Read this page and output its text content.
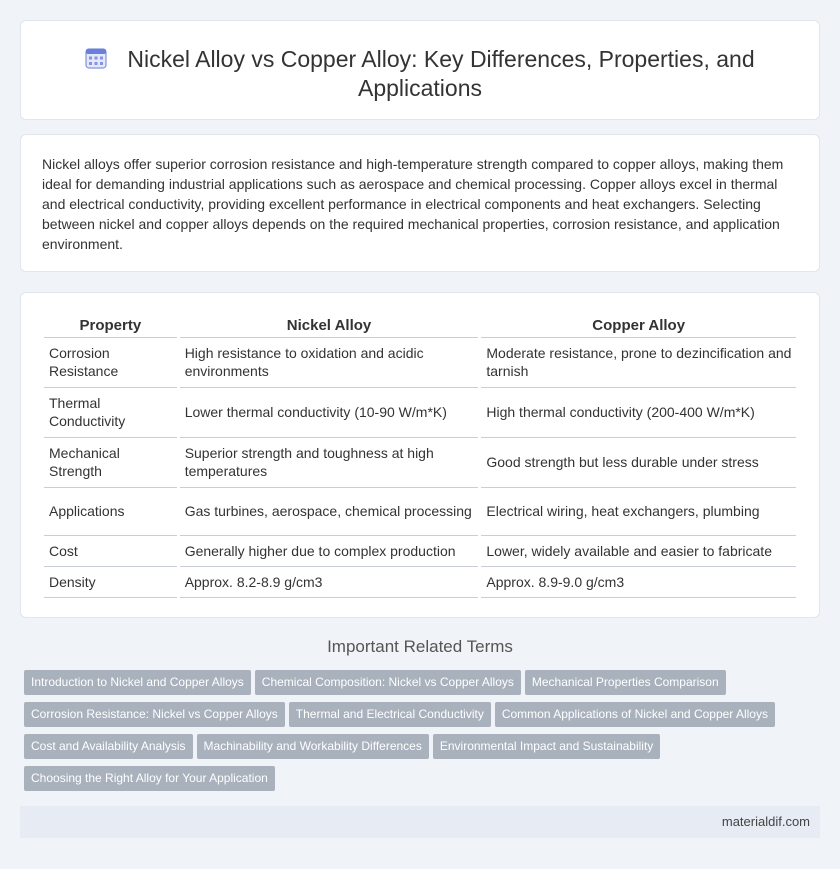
Nickel Alloy vs Copper Alloy: Key Differences, Properties, and Applications

Nickel alloys offer superior corrosion resistance and high-temperature strength compared to copper alloys, making them ideal for demanding industrial applications such as aerospace and chemical processing. Copper alloys excel in thermal and electrical conductivity, providing excellent performance in electrical components and heat exchangers. Selecting between nickel and copper alloys depends on the required mechanical properties, corrosion resistance, and application environment.

Property	Nickel Alloy	Copper Alloy
Corrosion Resistance	High resistance to oxidation and acidic environments	Moderate resistance, prone to dezincification and tarnish
Thermal Conductivity	Lower thermal conductivity (10-90 W/m*K)	High thermal conductivity (200-400 W/m*K)
Mechanical Strength	Superior strength and toughness at high temperatures	Good strength but less durable under stress
Applications	Gas turbines, aerospace, chemical processing	Electrical wiring, heat exchangers, plumbing
Cost	Generally higher due to complex production	Lower, widely available and easier to fabricate
Density	Approx. 8.2-8.9 g/cm3	Approx. 8.9-9.0 g/cm3
Important Related Terms
Introduction to Nickel and Copper Alloys Chemical Composition: Nickel vs Copper Alloys Mechanical Properties Comparison
Corrosion Resistance: Nickel vs Copper Alloys Thermal and Electrical Conductivity Common Applications of Nickel and Copper Alloys
Cost and Availability Analysis Machinability and Workability Differences Environmental Impact and Sustainability
Choosing the Right Alloy for Your Application
materialdif.com
